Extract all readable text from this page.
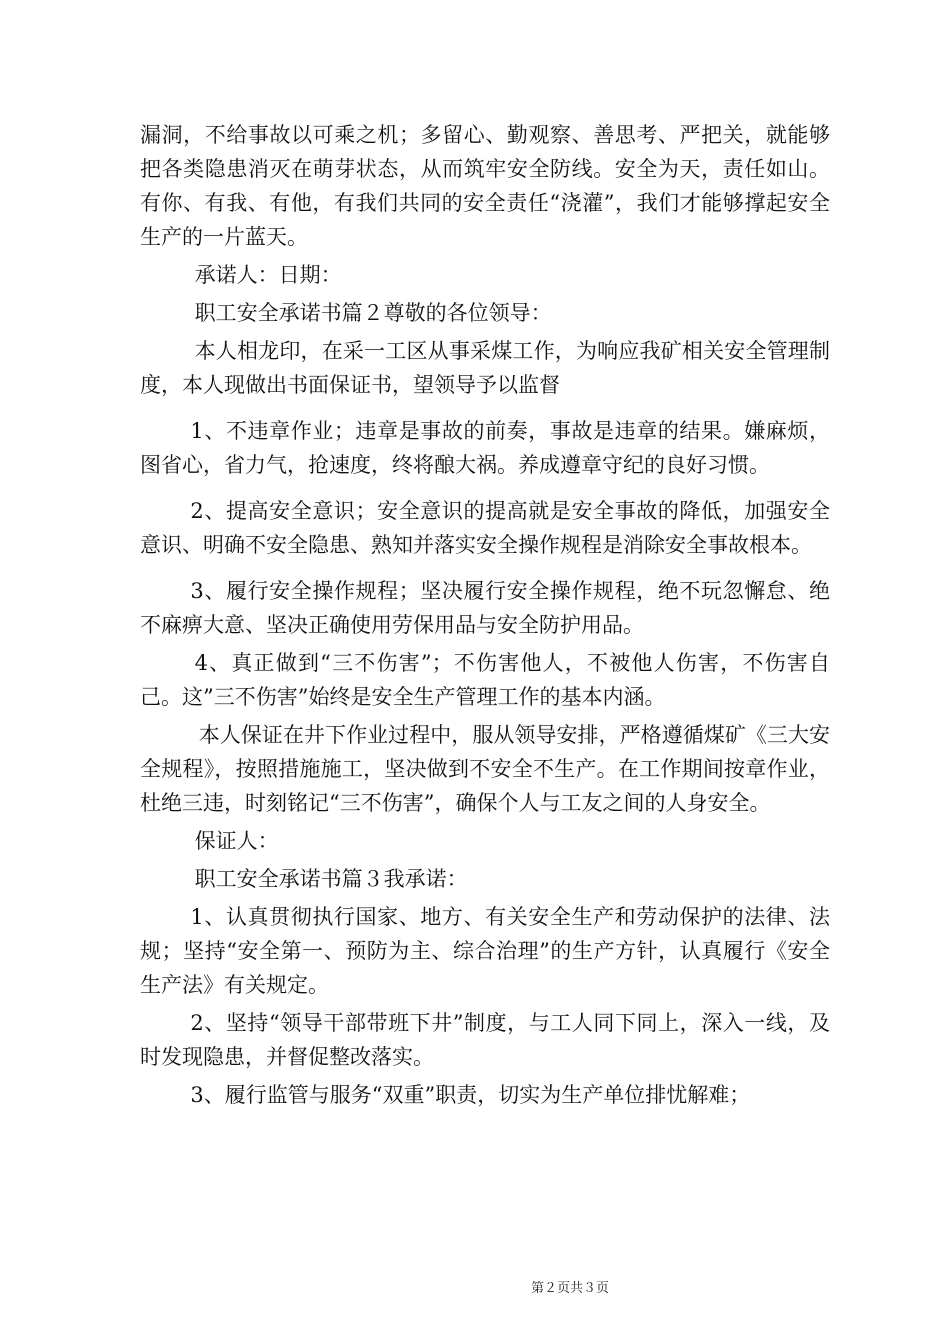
漏洞，不给事故以可乘之机；多留心、勤观察、善思考、严把关，就能够把各类隐患消灭在萌芽状态，从而筑牢安全防线。安全为天，责任如山。有你、有我、有他，有我们共同的安全责任“浇灌”，我们才能够撑起安全生产的一片蓝天。

承诺人：日期：

职工安全承诺书篇２尊敬的各位领导：

本人相龙印，在采一工区从事采煤工作，为响应我矿相关安全管理制度，本人现做出书面保证书，望领导予以监督

1、不违章作业；违章是事故的前奏，事故是违章的结果。嫌麻烦，图省心，省力气，抢速度，终将酿大祸。养成遵章守纪的良好习惯。

2、提高安全意识；安全意识的提高就是安全事故的降低，加强安全意识、明确不安全隐患、熟知并落实安全操作规程是消除安全事故根本。

3、履行安全操作规程；坚决履行安全操作规程，绝不玩忽懈怠、绝不麻痹大意、坚决正确使用劳保用品与安全防护用品。

4、真正做到“三不伤害”；不伤害他人，不被他人伤害，不伤害自己。这”三不伤害”始终是安全生产管理工作的基本内涵。

本人保证在井下作业过程中，服从领导安排，严格遵循煤矿《三大安全规程》，按照措施施工，坚决做到不安全不生产。在工作期间按章作业，杜绝三违，时刻铭记“三不伤害”，确保个人与工友之间的人身安全。

保证人：

职工安全承诺书篇３我承诺：

1、认真贯彻执行国家、地方、有关安全生产和劳动保护的法律、法规；坚持“安全第一、预防为主、综合治理”的生产方针，认真履行《安全生产法》有关规定。

2、坚持“领导干部带班下井”制度，与工人同下同上，深入一线，及时发现隐患，并督促整改落实。

3、履行监管与服务“双重”职责，切实为生产单位排忧解难；

第２页共３页
